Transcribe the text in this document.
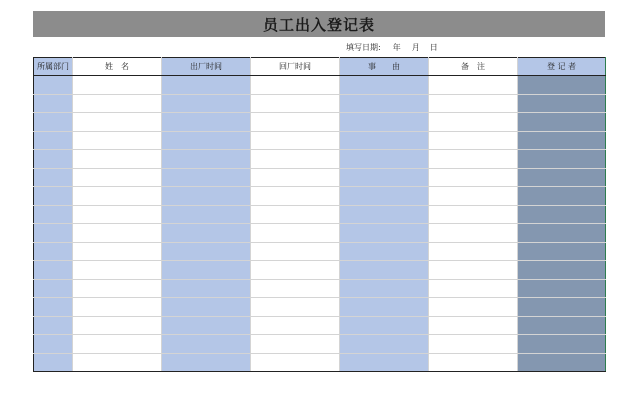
员工出入登记表
填写日期: 年 月 日
所属部门	姓　名	出厂时间	回厂时间	事　　由	备　注	登 记 者
